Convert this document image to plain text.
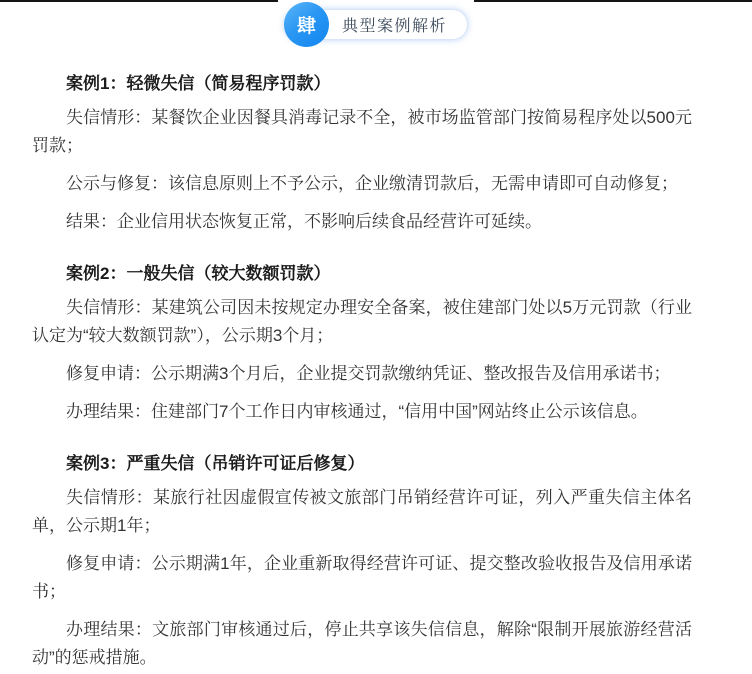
肆	典型案例解析
案例1：轻微失信（简易程序罚款）

失信情形：某餐饮企业因餐具消毒记录不全，被市场监管部门按简易程序处以500元罚款；

公示与修复：该信息原则上不予公示，企业缴清罚款后，无需申请即可自动修复；

结果：企业信用状态恢复正常，不影响后续食品经营许可延续。

案例2：一般失信（较大数额罚款）

失信情形：某建筑公司因未按规定办理安全备案，被住建部门处以5万元罚款（行业认定为“较大数额罚款”），公示期3个月；

修复申请：公示期满3个月后，企业提交罚款缴纳凭证、整改报告及信用承诺书；

办理结果：住建部门7个工作日内审核通过，“信用中国”网站终止公示该信息。

案例3：严重失信（吊销许可证后修复）

失信情形：某旅行社因虚假宣传被文旅部门吊销经营许可证，列入严重失信主体名单，公示期1年；

修复申请：公示期满1年，企业重新取得经营许可证、提交整改验收报告及信用承诺书；

办理结果：文旅部门审核通过后，停止共享该失信信息，解除“限制开展旅游经营活动”的惩戒措施。
